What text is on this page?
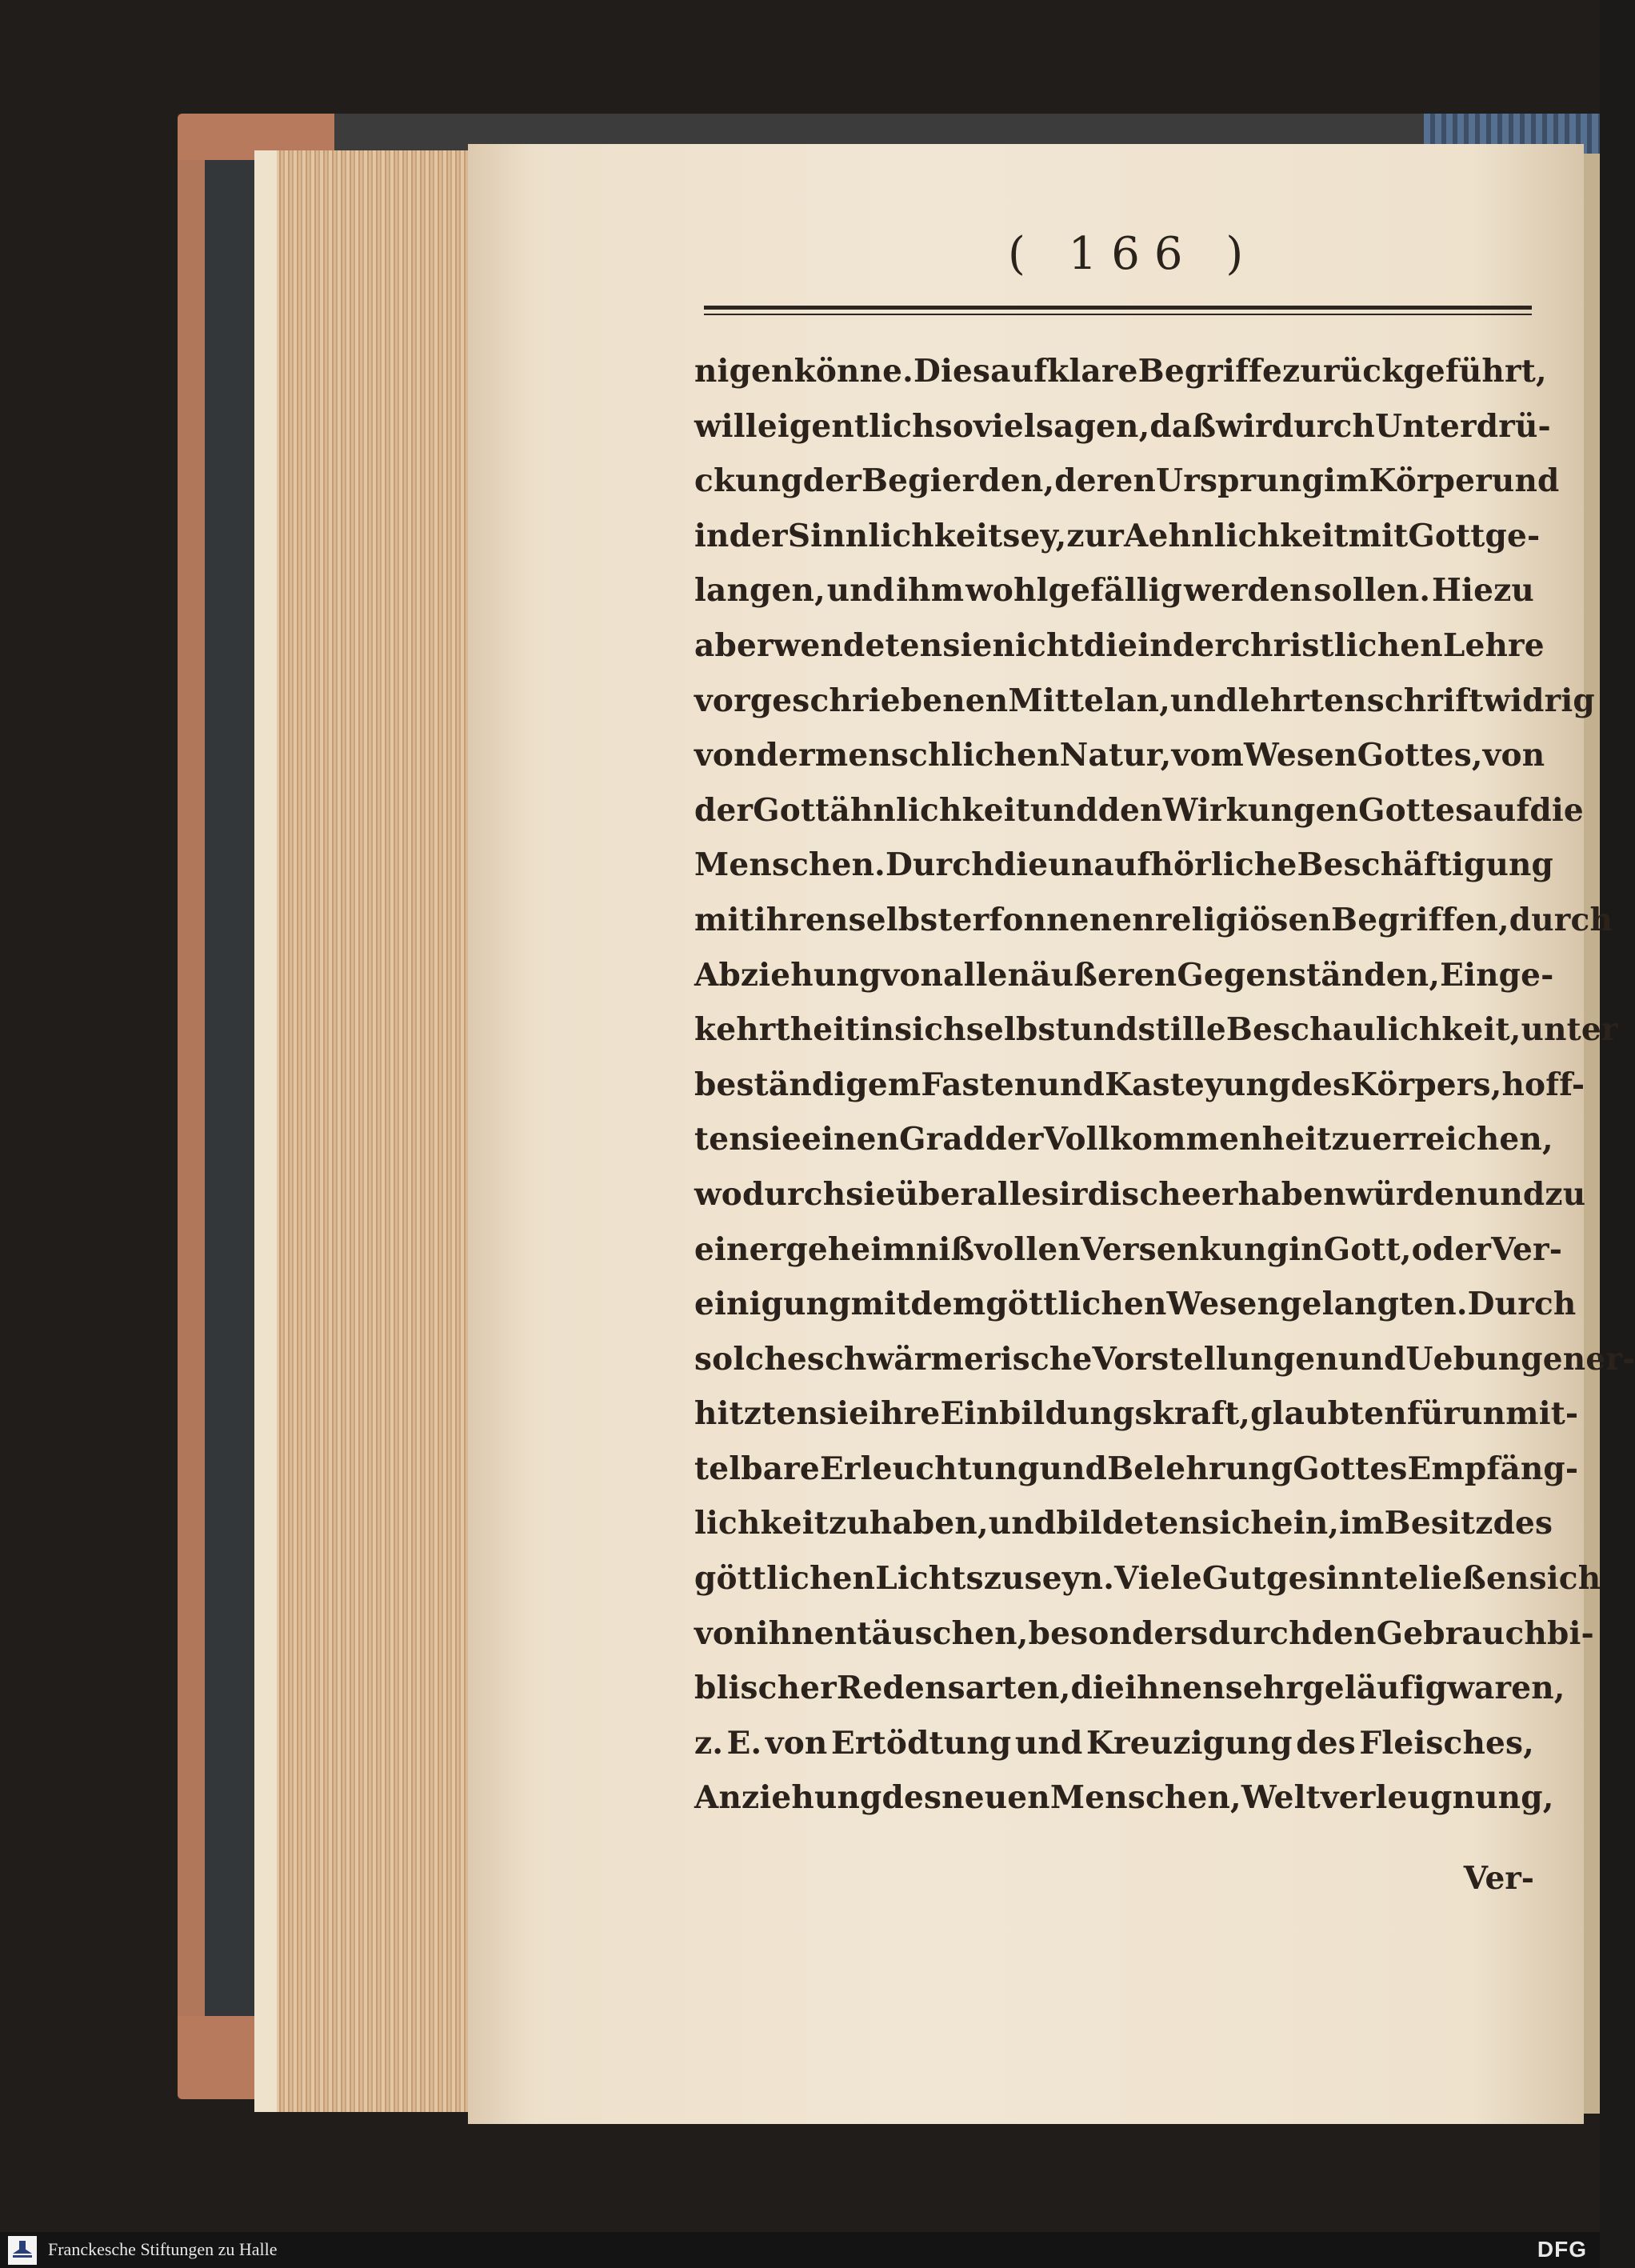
( 166 )
nigen könne. Dies auf klare Begriffe zurückgeführt,
will eigentlich so viel sagen, daß wir durch Unterdrü-
ckung der Begierden, deren Ursprung im Körper und
in der Sinnlichkeit sey, zur Aehnlichkeit mit Gott ge-
langen, und ihm wohlgefällig werden sollen. Hiezu
aber wendeten sie nicht die in der christlichen Lehre
vorgeschriebenen Mittel an, und lehrten schriftwidrig
von der menschlichen Natur, vom Wesen Gottes, von
der Gottähnlichkeit und den Wirkungen Gottes auf die
Menschen. Durch die unaufhörliche Beschäftigung
mit ihren selbsterfonnenen religiösen Begriffen, durch
Abziehung von allen äußeren Gegenständen, Einge-
kehrtheit in sich selbst und stille Beschaulichkeit, unter
beständigem Fasten und Kasteyung des Körpers, hoff-
ten sie einen Grad der Vollkommenheit zu erreichen,
wodurch sie über alles irdische erhaben würden und zu
einer geheimnißvollen Versenkung in Gott, oder Ver-
einigung mit dem göttlichen Wesen gelangten. Durch
solche schwärmerische Vorstellungen und Uebungen er-
hitzten sie ihre Einbildungskraft, glaubten für unmit-
telbare Erleuchtung und Belehrung Gottes Empfäng-
lichkeit zu haben, und bildeten sich ein, im Besitz des
göttlichen Lichts zu seyn. Viele Gutgesinnte ließen sich
von ihnen täuschen, besonders durch den Gebrauch bi-
blischer Redensarten, die ihnen sehr geläufig waren,
z. E. von Ertödtung und Kreuzigung des Fleisches,
Anziehung des neuen Menschen, Weltverleugnung,
Ver-
Franckesche Stiftungen zu Halle	DFG
